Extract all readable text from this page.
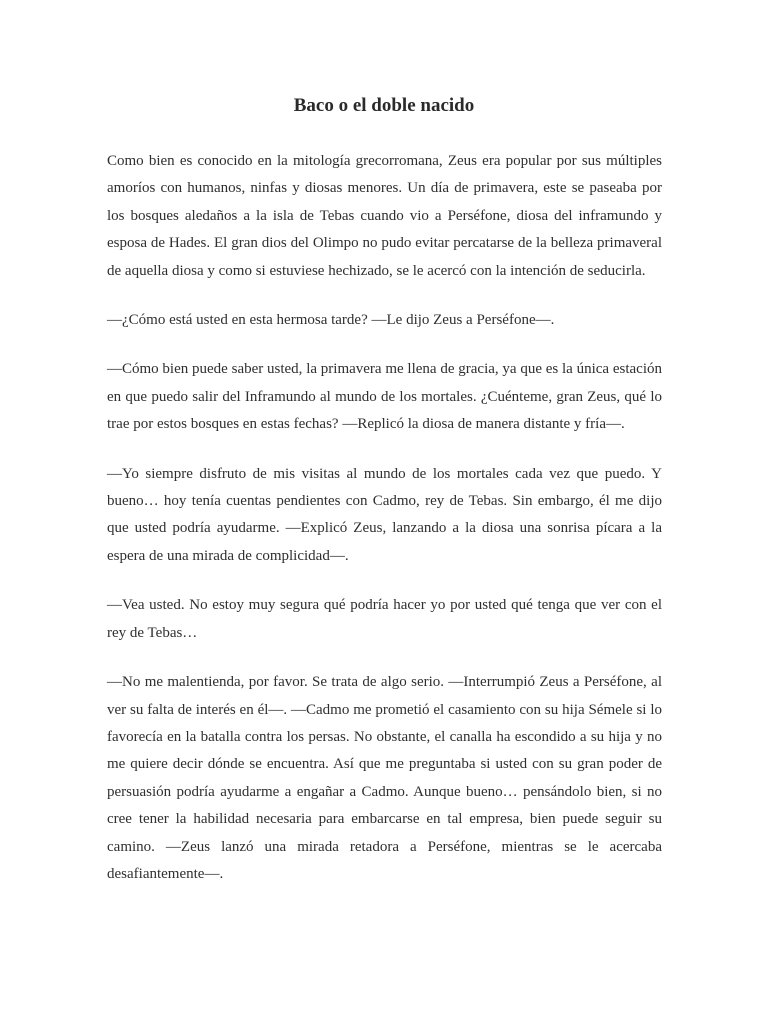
Baco o el doble nacido

Como bien es conocido en la mitología grecorromana, Zeus era popular por sus múltiples amoríos con humanos, ninfas y diosas menores. Un día de primavera, este se paseaba por los bosques aledaños a la isla de Tebas cuando vio a Perséfone, diosa del inframundo y esposa de Hades. El gran dios del Olimpo no pudo evitar percatarse de la belleza primaveral de aquella diosa y como si estuviese hechizado, se le acercó con la intención de seducirla.

—¿Cómo está usted en esta hermosa tarde? —Le dijo Zeus a Perséfone—.

—Cómo bien puede saber usted, la primavera me llena de gracia, ya que es la única estación en que puedo salir del Inframundo al mundo de los mortales. ¿Cuénteme, gran Zeus, qué lo trae por estos bosques en estas fechas? —Replicó la diosa de manera distante y fría—.

—Yo siempre disfruto de mis visitas al mundo de los mortales cada vez que puedo. Y bueno… hoy tenía cuentas pendientes con Cadmo, rey de Tebas. Sin embargo, él me dijo que usted podría ayudarme. —Explicó Zeus, lanzando a la diosa una sonrisa pícara a la espera de una mirada de complicidad—.

—Vea usted. No estoy muy segura qué podría hacer yo por usted qué tenga que ver con el rey de Tebas…

—No me malentienda, por favor. Se trata de algo serio. —Interrumpió Zeus a Perséfone, al ver su falta de interés en él—. —Cadmo me prometió el casamiento con su hija Sémele si lo favorecía en la batalla contra los persas. No obstante, el canalla ha escondido a su hija y no me quiere decir dónde se encuentra. Así que me preguntaba si usted con su gran poder de persuasión podría ayudarme a engañar a Cadmo. Aunque bueno… pensándolo bien, si no cree tener la habilidad necesaria para embarcarse en tal empresa, bien puede seguir su camino. —Zeus lanzó una mirada retadora a Perséfone, mientras se le acercaba desafiantemente—.
